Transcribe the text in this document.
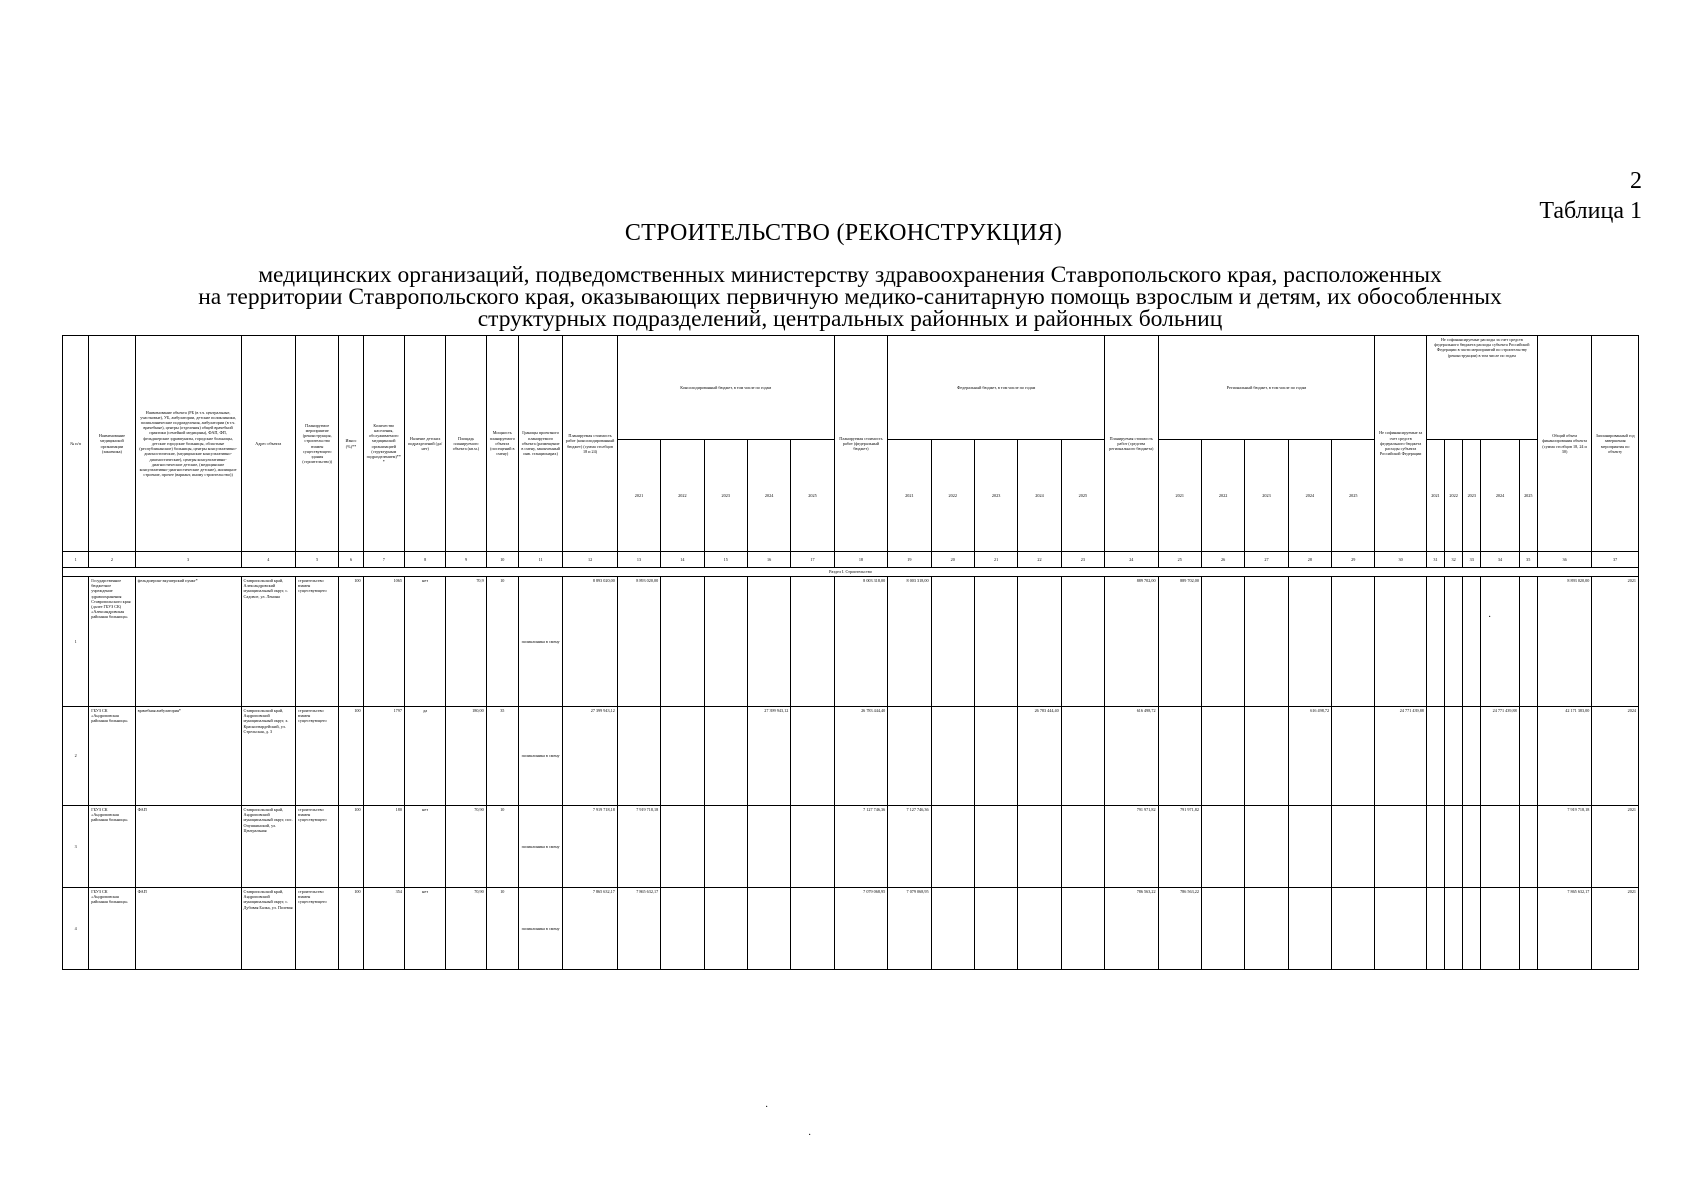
2
Таблица 1
СТРОИТЕЛЬСТВО (РЕКОНСТРУКЦИЯ)
медицинских организаций, подведомственных министерству здравоохранения Ставропольского края, расположенных
на территории Ставропольского края, оказывающих первичную медико-санитарную помощь взрослым и детям, их обособленных
структурных подразделений, центральных районных и районных больниц
№ п/п	Наименование медицинской организации (заказчика)	Наименование объекта (РБ (в т.ч. центральные, участковые), УБ, амбулатории, детские поликлиники, поликлинические подразделения, амбулатории (в т.ч. врачебные), центры (отделения) общей врачебной практики (семейной медицины), ФАП, ФП, фельдшерские здравпункты, городские больницы, детские городские больницы, областные (республиканские) больницы, центры консультативно-диагностические, (медицинские консультативно-диагностические), центры консультативно-диагностические детские, (медицинские консультативно-диагностические детские), жилищное строение, прочее (вариант, иному строительство))	Адрес объекта	Планируемое мероприятие (реконструкция, строительство взамен существующего здания (строительство))	Износ (%)**	Количество населения, обслуживаемого медицинской организацией (структурным подразделением)***	Наличие детских подразделений (да/нет)	Площадь планируемого объекта (кв.м.)	Мощность планируемого объекта (посещений в смену)	Границы проектного планируемого объекта (размещение в смену, законченный инв. станционарах)	Планируемая стоимость работ (консолидированный бюджет) (сумма столбцов 18 и 24)	Консолидированный бюджет, в том числе по годам					Планируемая стоимость работ (федеральный бюджет)	Федеральный бюджет, в том числе по годам					Планируемая стоимость работ (средства регионального бюджета)	Региональный бюджет, в том числе по годам					Не софинансируемые за счет средств федерального бюджета расходы субъекта Российской Федерации	Не софинансируемые расходы за счет средств федерального бюджета расходы субъекта Российской Федерации в части мероприятий по строительству (реконструкции) в том числе по годам					Общий объем финансирования объекта (сумма столбцов 18, 24 и 30)	Запланированный год завершения мероприятия по объекту
												2021	2022	2023	2024	2025		2021	2022	2023	2024	2025		2021	2022	2023	2024	2025		2021	2022	2023	2024	2025		
1	2	3	4	5	6	7	8	9	10	11	12	13	14	15	16	17	18	19	20	21	22	23	24	25	26	27	28	29	30	31	32	33	34	35	36	37
Раздел I. Строительство																																				
1	Государственное бюджетное учреждение здравоохранения Ставропольского края (далее ГБУЗ СК) «Александровская районная больница»	фельдшерско-акушерский пункт*	Ставропольский край, Александровский муниципальный округ, с. Садовое, ул. Ленина	строительство взамен существующего	100	1065	нет	70,9	10	поликлиника в смену	8 893 020,00	8 893 020,00					8 003 318,00	8 003 318,00					889 702,00	889 702,00											8 893 020,00	2021
2	ГБУЗ СК «Андроповская районная больница»	врачебная амбулатория*	Ставропольский край, Андроповский муниципальный округ, х. Красногвардейский, ул. Стрельская, д. 3	строительство взамен существующего	100	1797	да	180,00	35	поликлиника в смену	27 399 943,12				27 399 943,12		26 783 444,40				26 783 444,40		616 498,72				616 498,72		24 771 439,88				24 771 439,88		42 171 383,00	2024
3	ГБУЗ СК «Андроповская районная больница»	ФАП	Ставропольский край, Андроповский муниципальный округ, пос. Опушкинский, ул. Центральная	строительство взамен существующего	100	180	нет	70,90	10	поликлиника в смену	7 919 718,18	7 919 718,18					7 127 746,36	7 127 746,36					791 971,82	791 971,82											7 919 718,18	2021
4	ГБУЗ СК «Андроповская районная больница»	ФАП	Ставропольский край, Андроповский муниципальный округ, с. Дубовая Балка, ул. Полевая	строительство взамен существующего	100	354	нет	70,90	10	поликлиника в смену	7 865 632,17	7 865 632,17					7 079 068,95	7 079 068,95					786 563,22	786 563,22											7 865 632,17	2021
·
·
·
